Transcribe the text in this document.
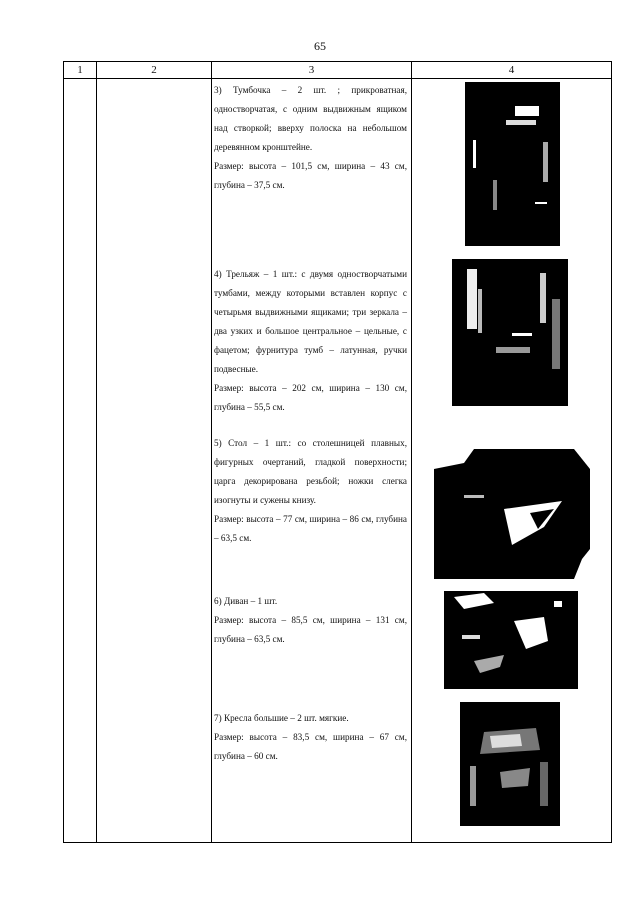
65
1	2	3	4

3) Тумбочка – 2 шт. ; прикроватная, одностворчатая, с одним выдвижным ящиком над створкой; вверху полоска на небольшом деревянном кронштейне.

Размер: высота – 101,5 см, ширина – 43 см, глубина – 37,5 см.

4) Трельяж – 1 шт.: с двумя одностворчатыми тумбами, между которыми вставлен корпус с четырьмя выдвижными ящиками; три зеркала – два узких и большое центральное – цельные, с фацетом; фурнитура тумб – латунная, ручки подвесные.

Размер: высота – 202 см, ширина – 130 см, глубина – 55,5 см.

5) Стол – 1 шт.: со столешницей плавных, фигурных очертаний, гладкой поверхности; царга декорирована резьбой; ножки слегка изогнуты и сужены книзу.

Размер: высота – 77 см, ширина – 86 см, глубина – 63,5 см.

6) Диван – 1 шт.

Размер: высота – 85,5 см, ширина – 131 см, глубина – 63,5 см.

7) Кресла большие – 2 шт. мягкие.

Размер: высота – 83,5 см, ширина – 67 см, глубина – 60 см.
